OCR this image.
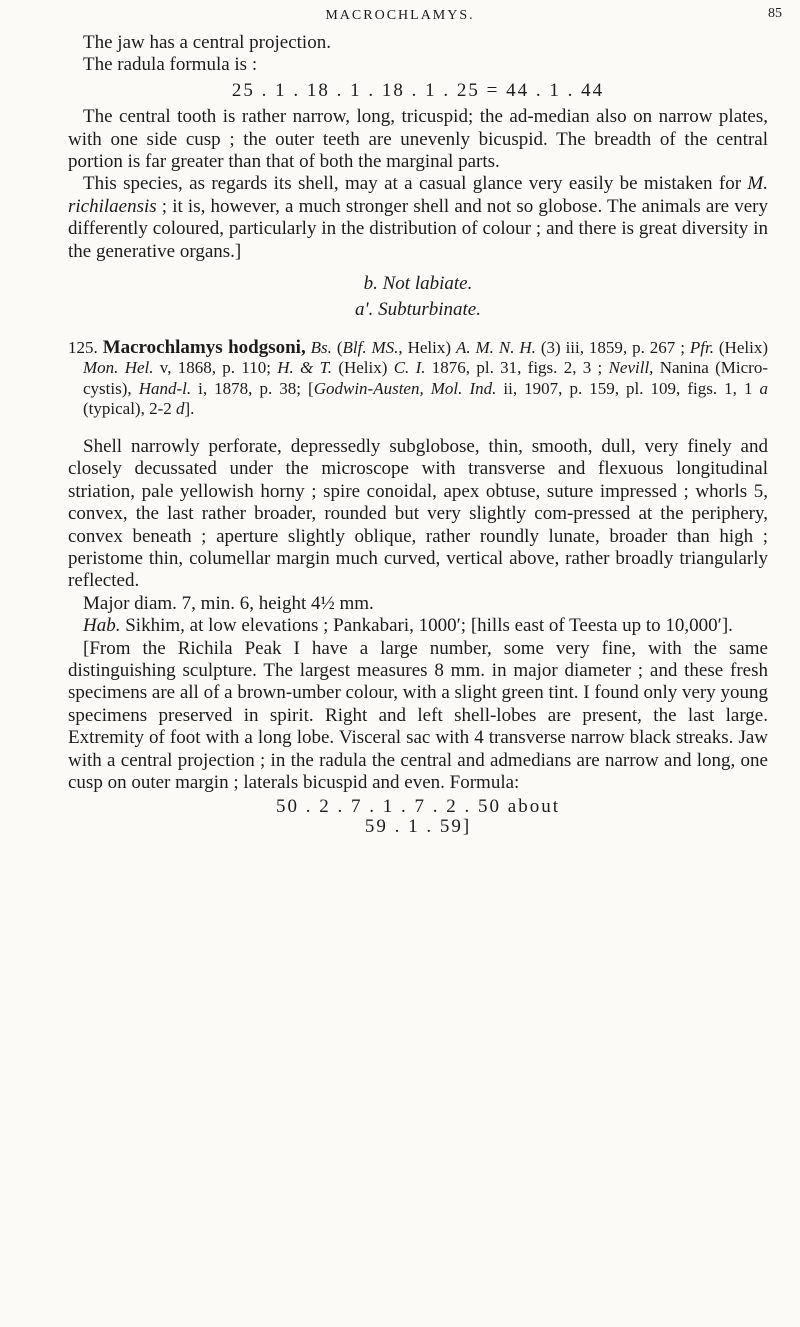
MACROCHLAMYS.	85

The jaw has a central projection.

The radula formula is :

25 . 1 . 18 . 1 . 18 . 1 . 25 = 44 . 1 . 44

The central tooth is rather narrow, long, tricuspid; the ad-median also on narrow plates, with one side cusp ; the outer teeth are unevenly bicuspid. The breadth of the central portion is far greater than that of both the marginal parts.

This species, as regards its shell, may at a casual glance very easily be mistaken for M. richilaensis ; it is, however, a much stronger shell and not so globose. The animals are very differently coloured, particularly in the distribution of colour ; and there is great diversity in the generative organs.]

b. Not labiate.

a'. Subturbinate.

125. Macrochlamys hodgsoni, Bs. (Blf. MS., Helix) A. M. N. H. (3) iii, 1859, p. 267 ; Pfr. (Helix) Mon. Hel. v, 1868, p. 110; H. & T. (Helix) C. I. 1876, pl. 31, figs. 2, 3 ; Nevill, Nanina (Micro-cystis), Hand-l. i, 1878, p. 38; [Godwin-Austen, Mol. Ind. ii, 1907, p. 159, pl. 109, figs. 1, 1 a (typical), 2-2 d].

Shell narrowly perforate, depressedly subglobose, thin, smooth, dull, very finely and closely decussated under the microscope with transverse and flexuous longitudinal striation, pale yellowish horny ; spire conoidal, apex obtuse, suture impressed ; whorls 5, convex, the last rather broader, rounded but very slightly com-pressed at the periphery, convex beneath ; aperture slightly oblique, rather roundly lunate, broader than high ; peristome thin, columellar margin much curved, vertical above, rather broadly triangularly reflected.

Major diam. 7, min. 6, height 4½ mm.

Hab. Sikhim, at low elevations ; Pankabari, 1000′; [hills east of Teesta up to 10,000′].

[From the Richila Peak I have a large number, some very fine, with the same distinguishing sculpture. The largest measures 8 mm. in major diameter ; and these fresh specimens are all of a brown-umber colour, with a slight green tint. I found only very young specimens preserved in spirit. Right and left shell-lobes are present, the last large. Extremity of foot with a long lobe. Visceral sac with 4 transverse narrow black streaks. Jaw with a central projection ; in the radula the central and admedians are narrow and long, one cusp on outer margin ; laterals bicuspid and even. Formula:

50 . 2 . 7 . 1 . 7 . 2 . 50 about
59 . 1 . 59]
